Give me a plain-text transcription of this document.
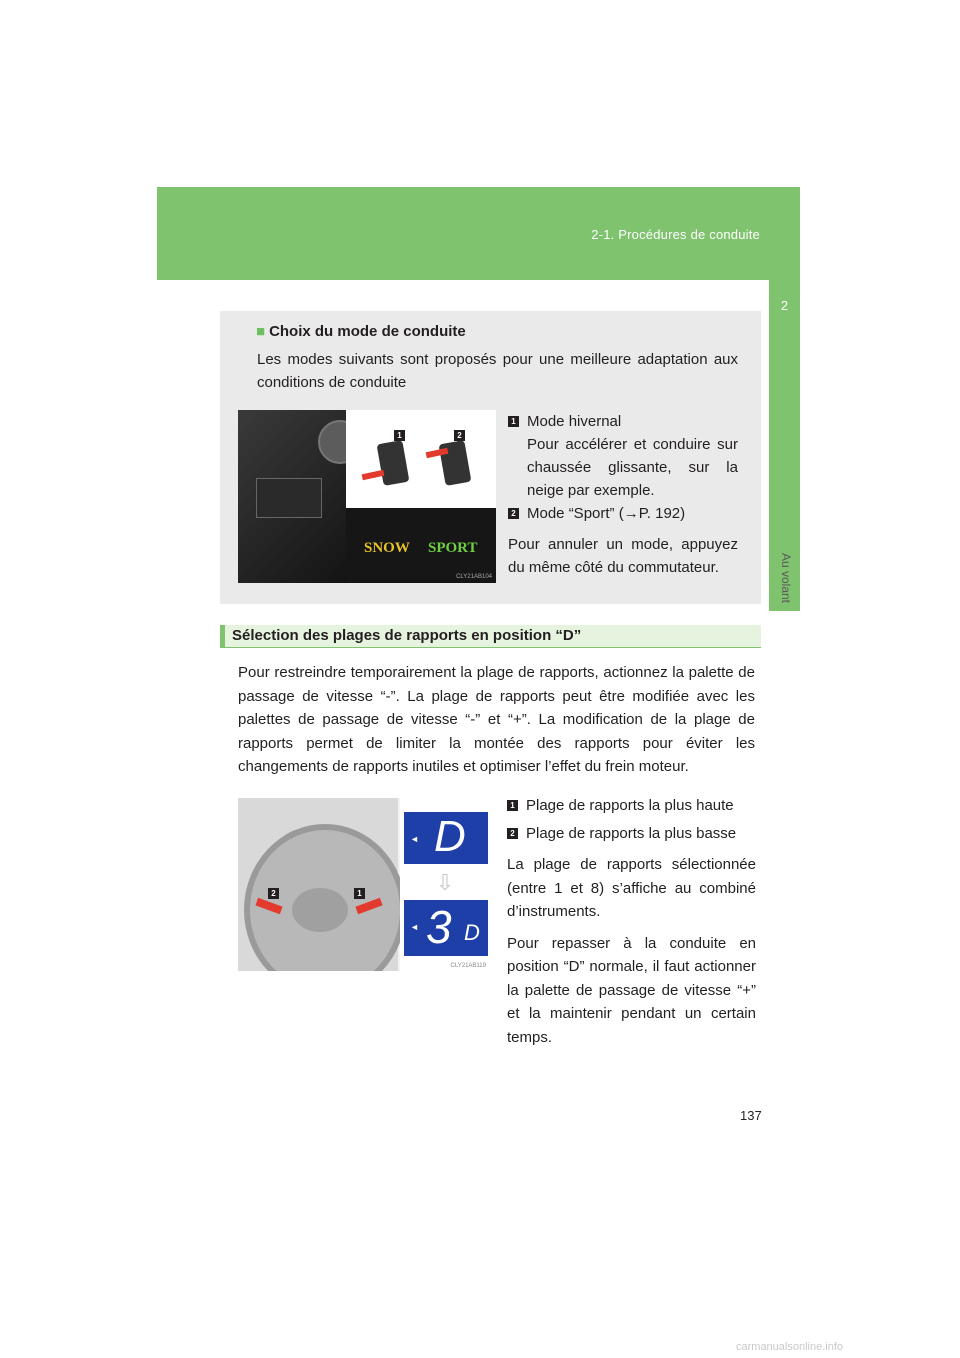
2-1. Procédures de conduite
2
Au volant
■ Choix du mode de conduite
Les modes suivants sont proposés pour une meilleure adaptation aux conditions de conduite
1	2
SNOW SPORT
CLY21AB104
1 Mode hivernal
Pour accélérer et conduire sur chaussée glissante, sur la neige par exemple.
2 Mode “Sport” (→P. 192)
Pour annuler un mode, appuyez du même côté du commutateur.
Sélection des plages de rapports en position “D”
Pour restreindre temporairement la plage de rapports, actionnez la palette de passage de vitesse “-”. La plage de rapports peut être modifiée avec les palettes de passage de vitesse “-” et “+”. La modification de la plage de rapports permet de limiter la montée des rapports pour éviter les changements de rapports inutiles et optimiser l’effet du frein moteur.
2	1
◄ D
⇩
◄ 3 D
CLY21AB119
1 Plage de rapports la plus haute
2 Plage de rapports la plus basse

La plage de rapports sélectionnée (entre 1 et 8) s’affiche au combiné d’instruments.

Pour repasser à la conduite en position “D” normale, il faut actionner la palette de passage de vitesse “+” et la maintenir pendant un certain temps.

137
carmanualsonline.info
